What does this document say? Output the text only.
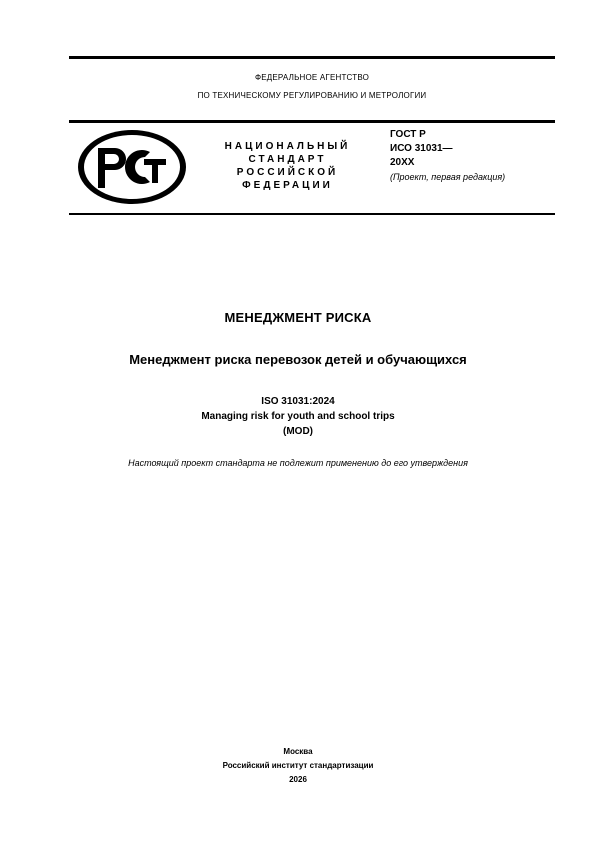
ФЕДЕРАЛЬНОЕ АГЕНТСТВО
ПО ТЕХНИЧЕСКОМУ РЕГУЛИРОВАНИЮ И МЕТРОЛОГИИ
НАЦИОНАЛЬНЫЙ
СТАНДАРТ
РОССИЙСКОЙ
ФЕДЕРАЦИИ
ГОСТ Р
ИСО 31031—
20XX
(Проект, первая редакция)
МЕНЕДЖМЕНТ РИСКА
Менеджмент риска перевозок детей и обучающихся
ISO 31031:2024
Managing risk for youth and school trips
(MOD)
Настоящий проект стандарта не подлежит применению до его утверждения
Москва
Российский институт стандартизации
2026
